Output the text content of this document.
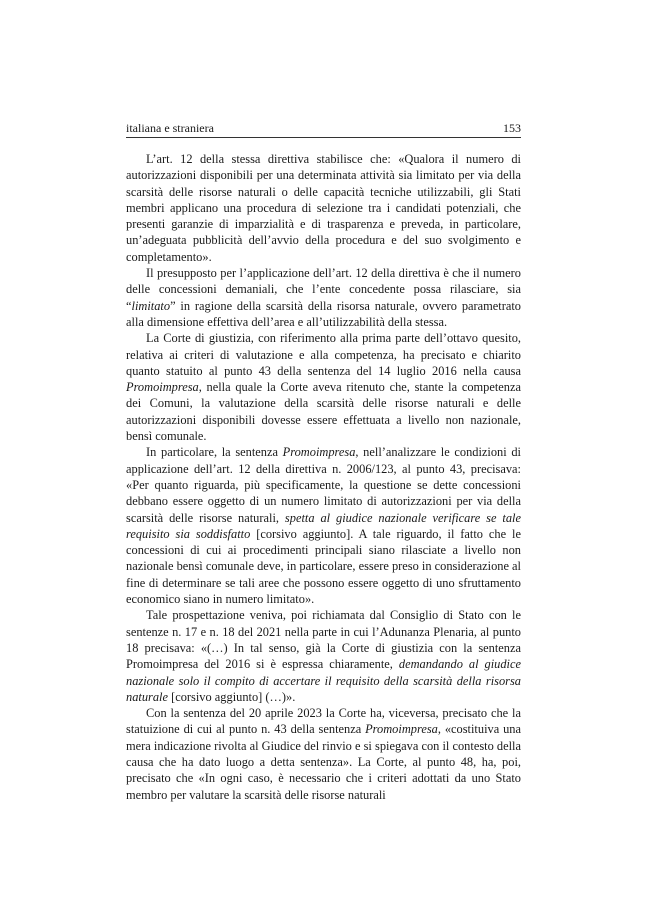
italiana e straniera	153

L’art. 12 della stessa direttiva stabilisce che: «Qualora il numero di autorizzazioni disponibili per una determinata attività sia limitato per via della scarsità delle risorse naturali o delle capacità tecniche utilizzabili, gli Stati membri applicano una procedura di selezione tra i candidati potenziali, che presenti garanzie di imparzialità e di trasparenza e preveda, in particolare, un’adeguata pubblicità dell’avvio della procedura e del suo svolgimento e completamento».

Il presupposto per l’applicazione dell’art. 12 della direttiva è che il numero delle concessioni demaniali, che l’ente concedente possa rilasciare, sia “limitato” in ragione della scarsità della risorsa naturale, ovvero parametrato alla dimensione effettiva dell’area e all’utilizzabilità della stessa.

La Corte di giustizia, con riferimento alla prima parte dell’ottavo quesito, relativa ai criteri di valutazione e alla competenza, ha precisato e chiarito quanto statuito al punto 43 della sentenza del 14 luglio 2016 nella causa Promoimpresa, nella quale la Corte aveva ritenuto che, stante la competenza dei Comuni, la valutazione della scarsità delle risorse naturali e delle autorizzazioni disponibili dovesse essere effettuata a livello non nazionale, bensì comunale.

In particolare, la sentenza Promoimpresa, nell’analizzare le condizioni di applicazione dell’art. 12 della direttiva n. 2006/123, al punto 43, precisava: «Per quanto riguarda, più specificamente, la questione se dette concessioni debbano essere oggetto di un numero limitato di autorizzazioni per via della scarsità delle risorse naturali, spetta al giudice nazionale verificare se tale requisito sia soddisfatto [corsivo aggiunto]. A tale riguardo, il fatto che le concessioni di cui ai procedimenti principali siano rilasciate a livello non nazionale bensì comunale deve, in particolare, essere preso in considerazione al fine di determinare se tali aree che possono essere oggetto di uno sfruttamento economico siano in numero limitato».

Tale prospettazione veniva, poi richiamata dal Consiglio di Stato con le sentenze n. 17 e n. 18 del 2021 nella parte in cui l’Adunanza Plenaria, al punto 18 precisava: «(…) In tal senso, già la Corte di giustizia con la sentenza Promoimpresa del 2016 si è espressa chiaramente, demandando al giudice nazionale solo il compito di accertare il requisito della scarsità della risorsa naturale [corsivo aggiunto] (…)».

Con la sentenza del 20 aprile 2023 la Corte ha, viceversa, precisato che la statuizione di cui al punto n. 43 della sentenza Promoimpresa, «costituiva una mera indicazione rivolta al Giudice del rinvio e si spiegava con il contesto della causa che ha dato luogo a detta sentenza». La Corte, al punto 48, ha, poi, precisato che «In ogni caso, è necessario che i criteri adottati da uno Stato membro per valutare la scarsità delle risorse naturali
